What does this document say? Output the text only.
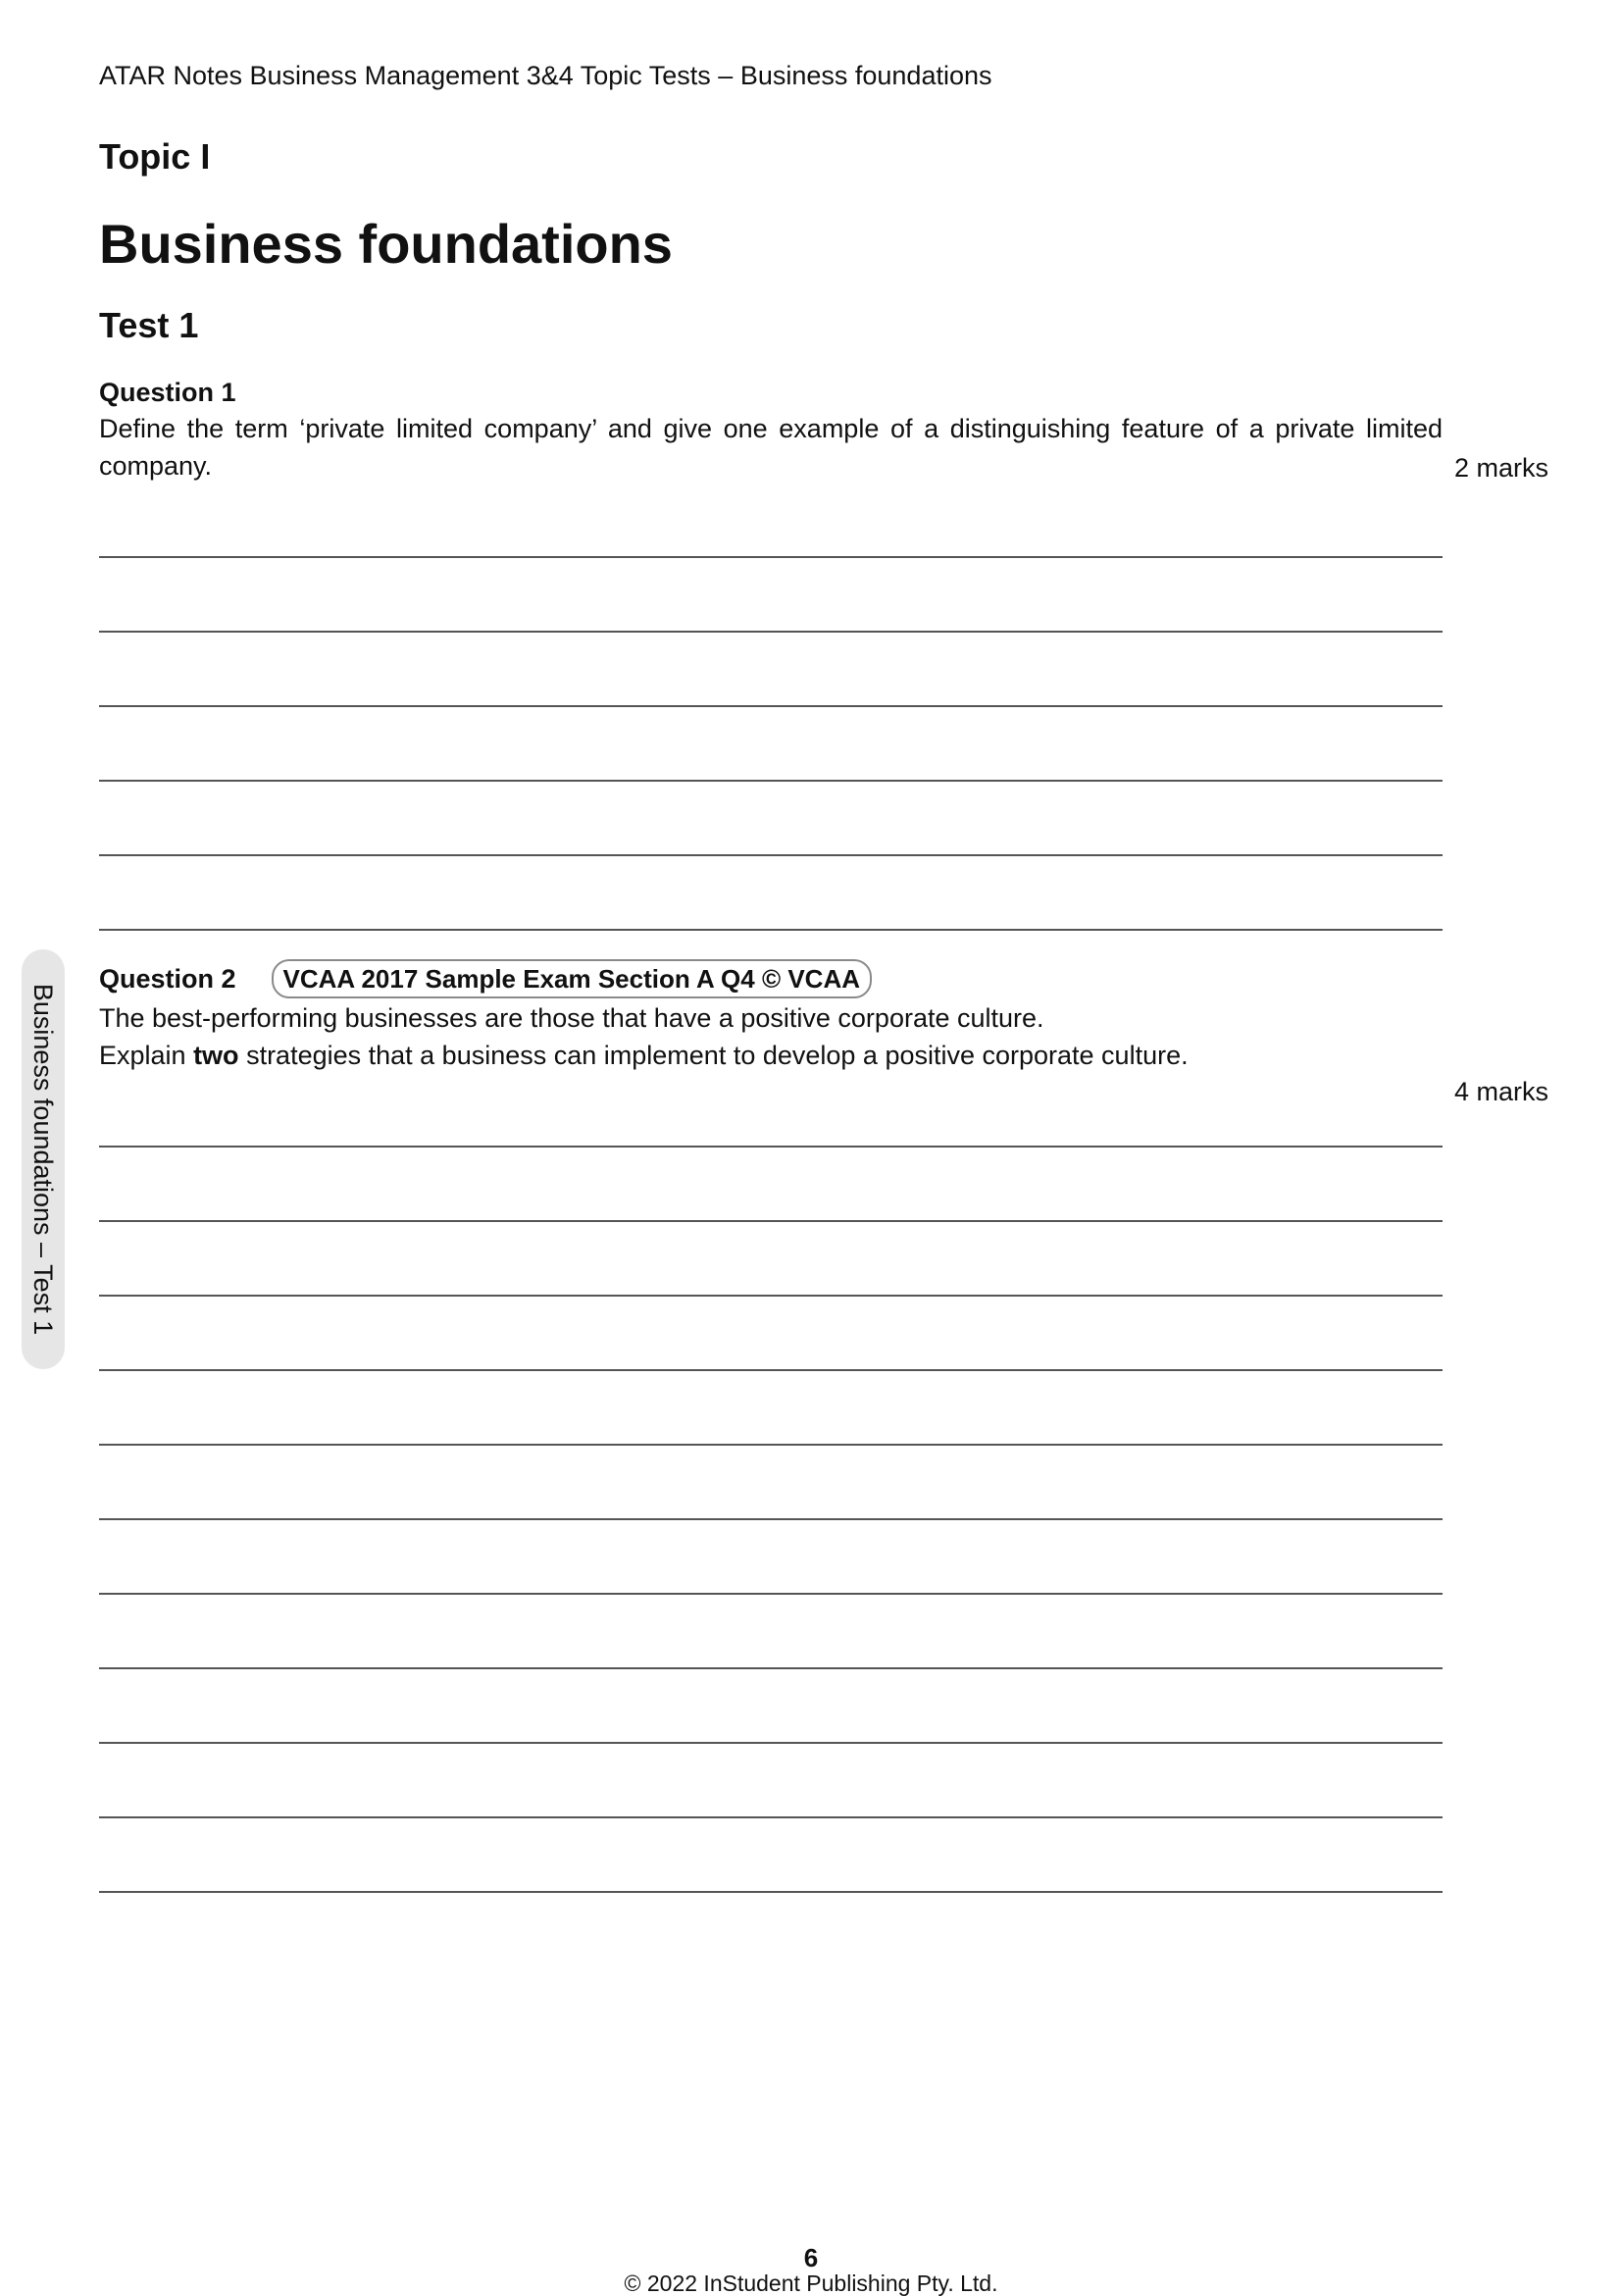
ATAR Notes Business Management 3&4 Topic Tests – Business foundations
Topic I
Business foundations
Test 1
Question 1
Define the term ‘private limited company’ and give one example of a distinguishing feature of a private limited company.	2 marks
Question 2	VCAA 2017 Sample Exam Section A Q4 © VCAA
The best-performing businesses are those that have a positive corporate culture.
Explain two strategies that a business can implement to develop a positive corporate culture.
4 marks
Business foundations – Test 1
6
© 2022 InStudent Publishing Pty. Ltd.
